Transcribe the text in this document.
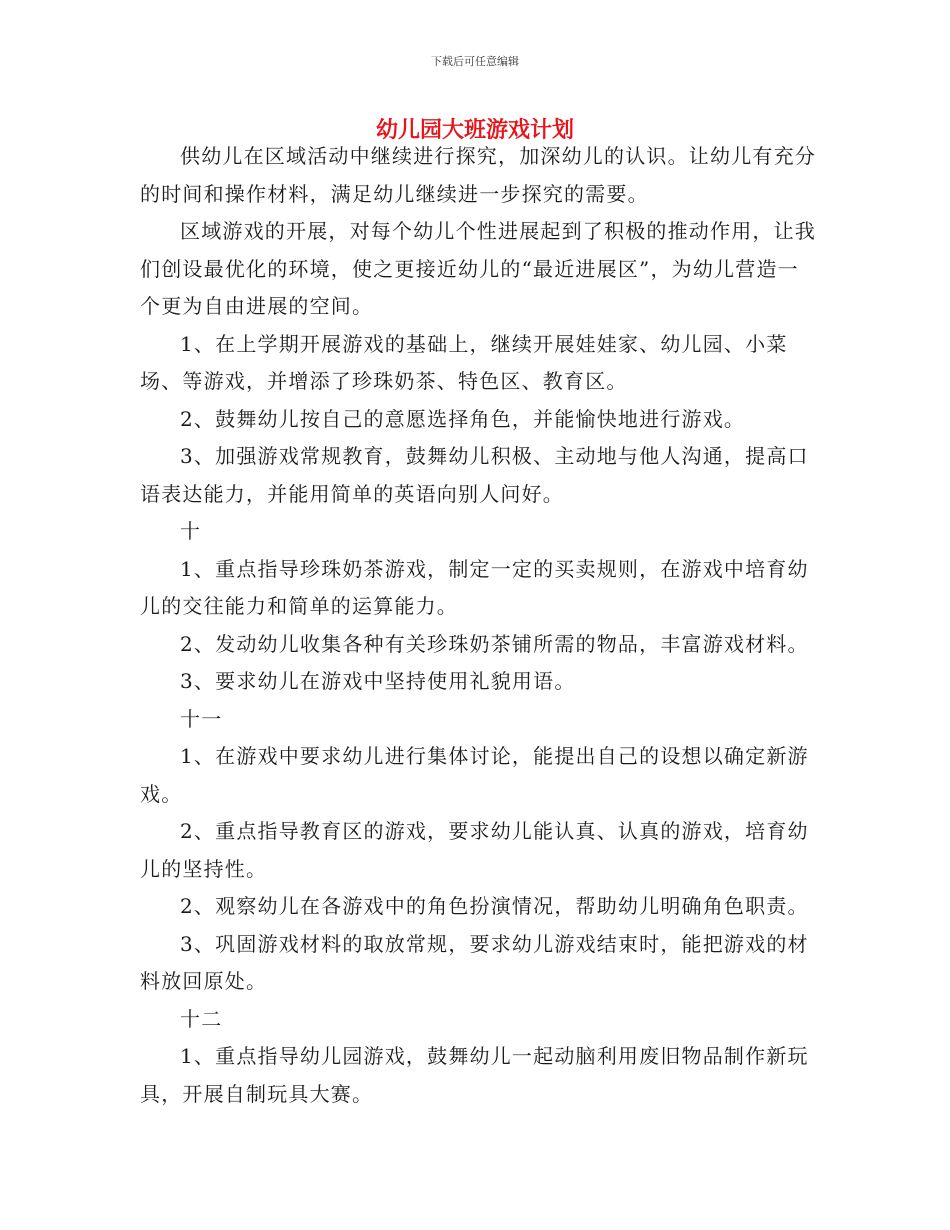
下载后可任意编辑
幼儿园大班游戏计划

供幼儿在区域活动中继续进行探究，加深幼儿的认识。让幼儿有充分的时间和操作材料，满足幼儿继续进一步探究的需要。

区域游戏的开展，对每个幼儿个性进展起到了积极的推动作用，让我们创设最优化的环境，使之更接近幼儿的“最近进展区”，为幼儿营造一个更为自由进展的空间。

1、在上学期开展游戏的基础上，继续开展娃娃家、幼儿园、小菜场、等游戏，并增添了珍珠奶茶、特色区、教育区。

2、鼓舞幼儿按自己的意愿选择角色，并能愉快地进行游戏。

3、加强游戏常规教育，鼓舞幼儿积极、主动地与他人沟通，提高口语表达能力，并能用简单的英语向别人问好。

十

1、重点指导珍珠奶茶游戏，制定一定的买卖规则，在游戏中培育幼儿的交往能力和简单的运算能力。

2、发动幼儿收集各种有关珍珠奶茶铺所需的物品，丰富游戏材料。

3、要求幼儿在游戏中坚持使用礼貌用语。

十一

1、在游戏中要求幼儿进行集体讨论，能提出自己的设想以确定新游戏。

2、重点指导教育区的游戏，要求幼儿能认真、认真的游戏，培育幼儿的坚持性。

2、观察幼儿在各游戏中的角色扮演情况，帮助幼儿明确角色职责。

3、巩固游戏材料的取放常规，要求幼儿游戏结束时，能把游戏的材料放回原处。

十二

1、重点指导幼儿园游戏，鼓舞幼儿一起动脑利用废旧物品制作新玩具，开展自制玩具大赛。
